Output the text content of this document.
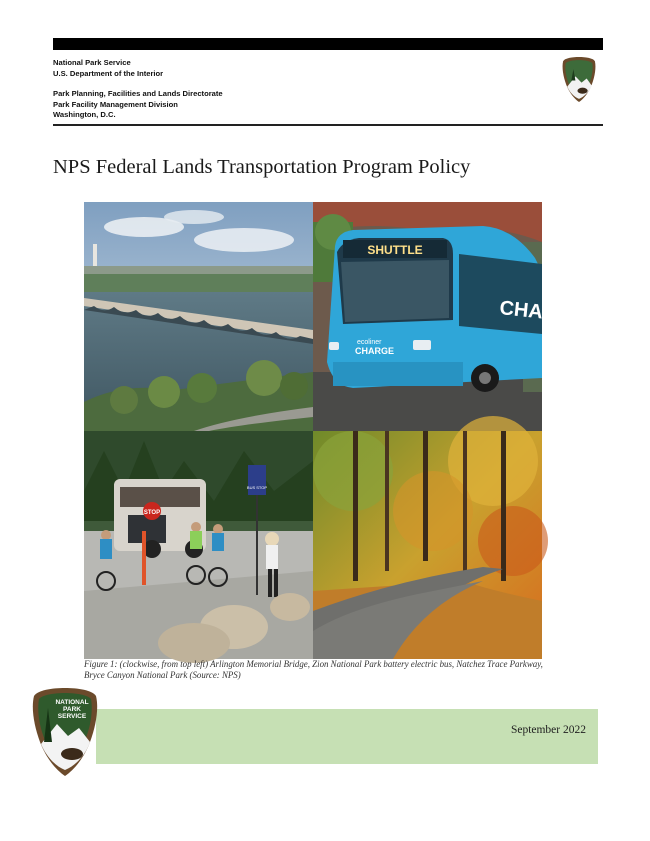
National Park Service
U.S. Department of the Interior
Park Planning, Facilities and Lands Directorate
Park Facility Management Division
Washington, D.C.
NPS Federal Lands Transportation Program Policy
SHUTTLE
CHARGE
ecoliner
CHARGE
STOP
BUS STOP
Figure 1: (clockwise, from top left) Arlington Memorial Bridge, Zion National Park battery electric bus, Natchez Trace Parkway, Bryce Canyon National Park (Source: NPS)
September 2022
NATIONAL
PARK
SERVICE
